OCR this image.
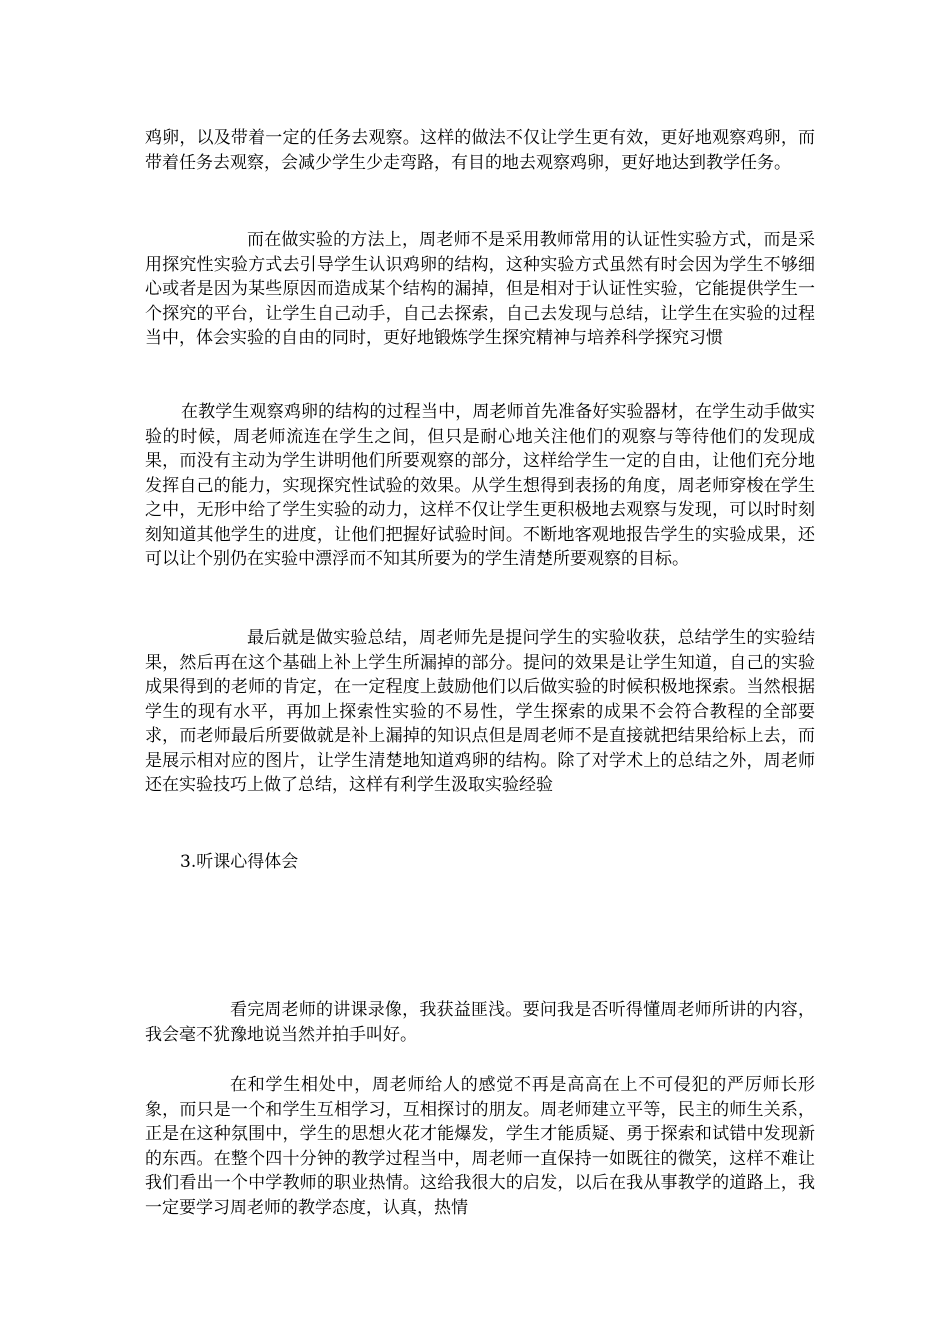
鸡卵，以及带着一定的任务去观察。这样的做法不仅让学生更有效，更好地观察鸡卵，而带着任务去观察，会减少学生少走弯路，有目的地去观察鸡卵，更好地达到教学任务。

而在做实验的方法上，周老师不是采用教师常用的认证性实验方式，而是采用探究性实验方式去引导学生认识鸡卵的结构，这种实验方式虽然有时会因为学生不够细心或者是因为某些原因而造成某个结构的漏掉，但是相对于认证性实验，它能提供学生一个探究的平台，让学生自己动手，自己去探索，自己去发现与总结，让学生在实验的过程当中，体会实验的自由的同时，更好地锻炼学生探究精神与培养科学探究习惯

在教学生观察鸡卵的结构的过程当中，周老师首先准备好实验器材，在学生动手做实验的时候，周老师流连在学生之间，但只是耐心地关注他们的观察与等待他们的发现成果，而没有主动为学生讲明他们所要观察的部分，这样给学生一定的自由，让他们充分地发挥自己的能力，实现探究性试验的效果。从学生想得到表扬的角度，周老师穿梭在学生之中，无形中给了学生实验的动力，这样不仅让学生更积极地去观察与发现，可以时时刻刻知道其他学生的进度，让他们把握好试验时间。不断地客观地报告学生的实验成果，还可以让个别仍在实验中漂浮而不知其所要为的学生清楚所要观察的目标。

最后就是做实验总结，周老师先是提问学生的实验收获，总结学生的实验结果，然后再在这个基础上补上学生所漏掉的部分。提问的效果是让学生知道，自己的实验成果得到的老师的肯定，在一定程度上鼓励他们以后做实验的时候积极地探索。当然根据学生的现有水平，再加上探索性实验的不易性，学生探索的成果不会符合教程的全部要求，而老师最后所要做就是补上漏掉的知识点但是周老师不是直接就把结果给标上去，而是展示相对应的图片，让学生清楚地知道鸡卵的结构。除了对学术上的总结之外，周老师还在实验技巧上做了总结，这样有利学生汲取实验经验

3.听课心得体会

看完周老师的讲课录像，我获益匪浅。要问我是否听得懂周老师所讲的内容，我会毫不犹豫地说当然并拍手叫好。

在和学生相处中，周老师给人的感觉不再是高高在上不可侵犯的严厉师长形象，而只是一个和学生互相学习，互相探讨的朋友。周老师建立平等，民主的师生关系，正是在这种氛围中，学生的思想火花才能爆发，学生才能质疑、勇于探索和试错中发现新的东西。在整个四十分钟的教学过程当中，周老师一直保持一如既往的微笑，这样不难让我们看出一个中学教师的职业热情。这给我很大的启发，以后在我从事教学的道路上，我一定要学习周老师的教学态度，认真，热情
